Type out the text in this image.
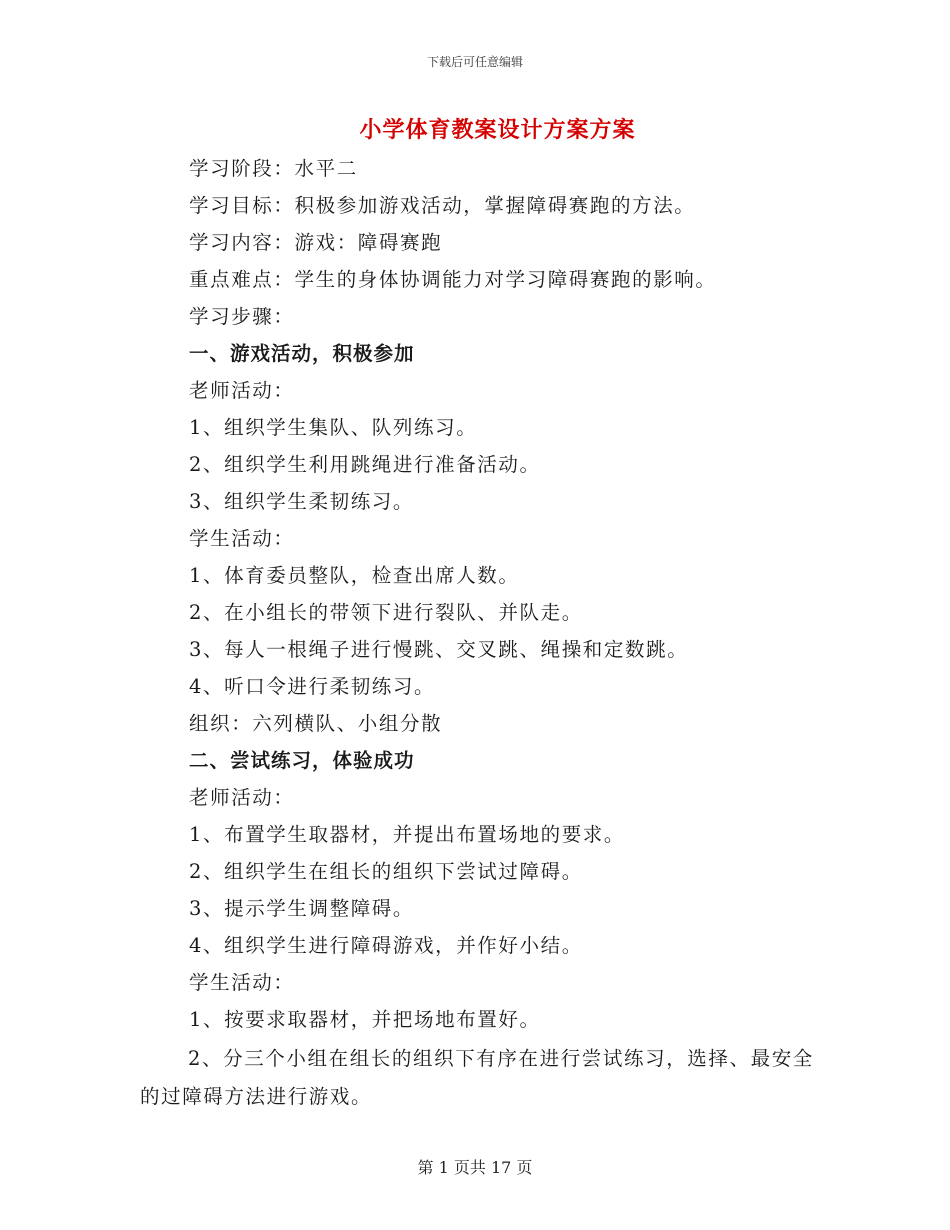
下载后可任意编辑
小学体育教案设计方案方案
学习阶段：水平二
学习目标：积极参加游戏活动，掌握障碍赛跑的方法。
学习内容：游戏：障碍赛跑
重点难点：学生的身体协调能力对学习障碍赛跑的影响。
学习步骤：
一、游戏活动，积极参加
老师活动：
1、组织学生集队、队列练习。
2、组织学生利用跳绳进行准备活动。
3、组织学生柔韧练习。
学生活动：
1、体育委员整队，检查出席人数。
2、在小组长的带领下进行裂队、并队走。
3、每人一根绳子进行慢跳、交叉跳、绳操和定数跳。
4、听口令进行柔韧练习。
组织：六列横队、小组分散
二、尝试练习，体验成功
老师活动：
1、布置学生取器材，并提出布置场地的要求。
2、组织学生在组长的组织下尝试过障碍。
3、提示学生调整障碍。
4、组织学生进行障碍游戏，并作好小结。
学生活动：
1、按要求取器材，并把场地布置好。
2、分三个小组在组长的组织下有序在进行尝试练习，选择、最安全的过障碍方法进行游戏。
第 1 页共 17 页
